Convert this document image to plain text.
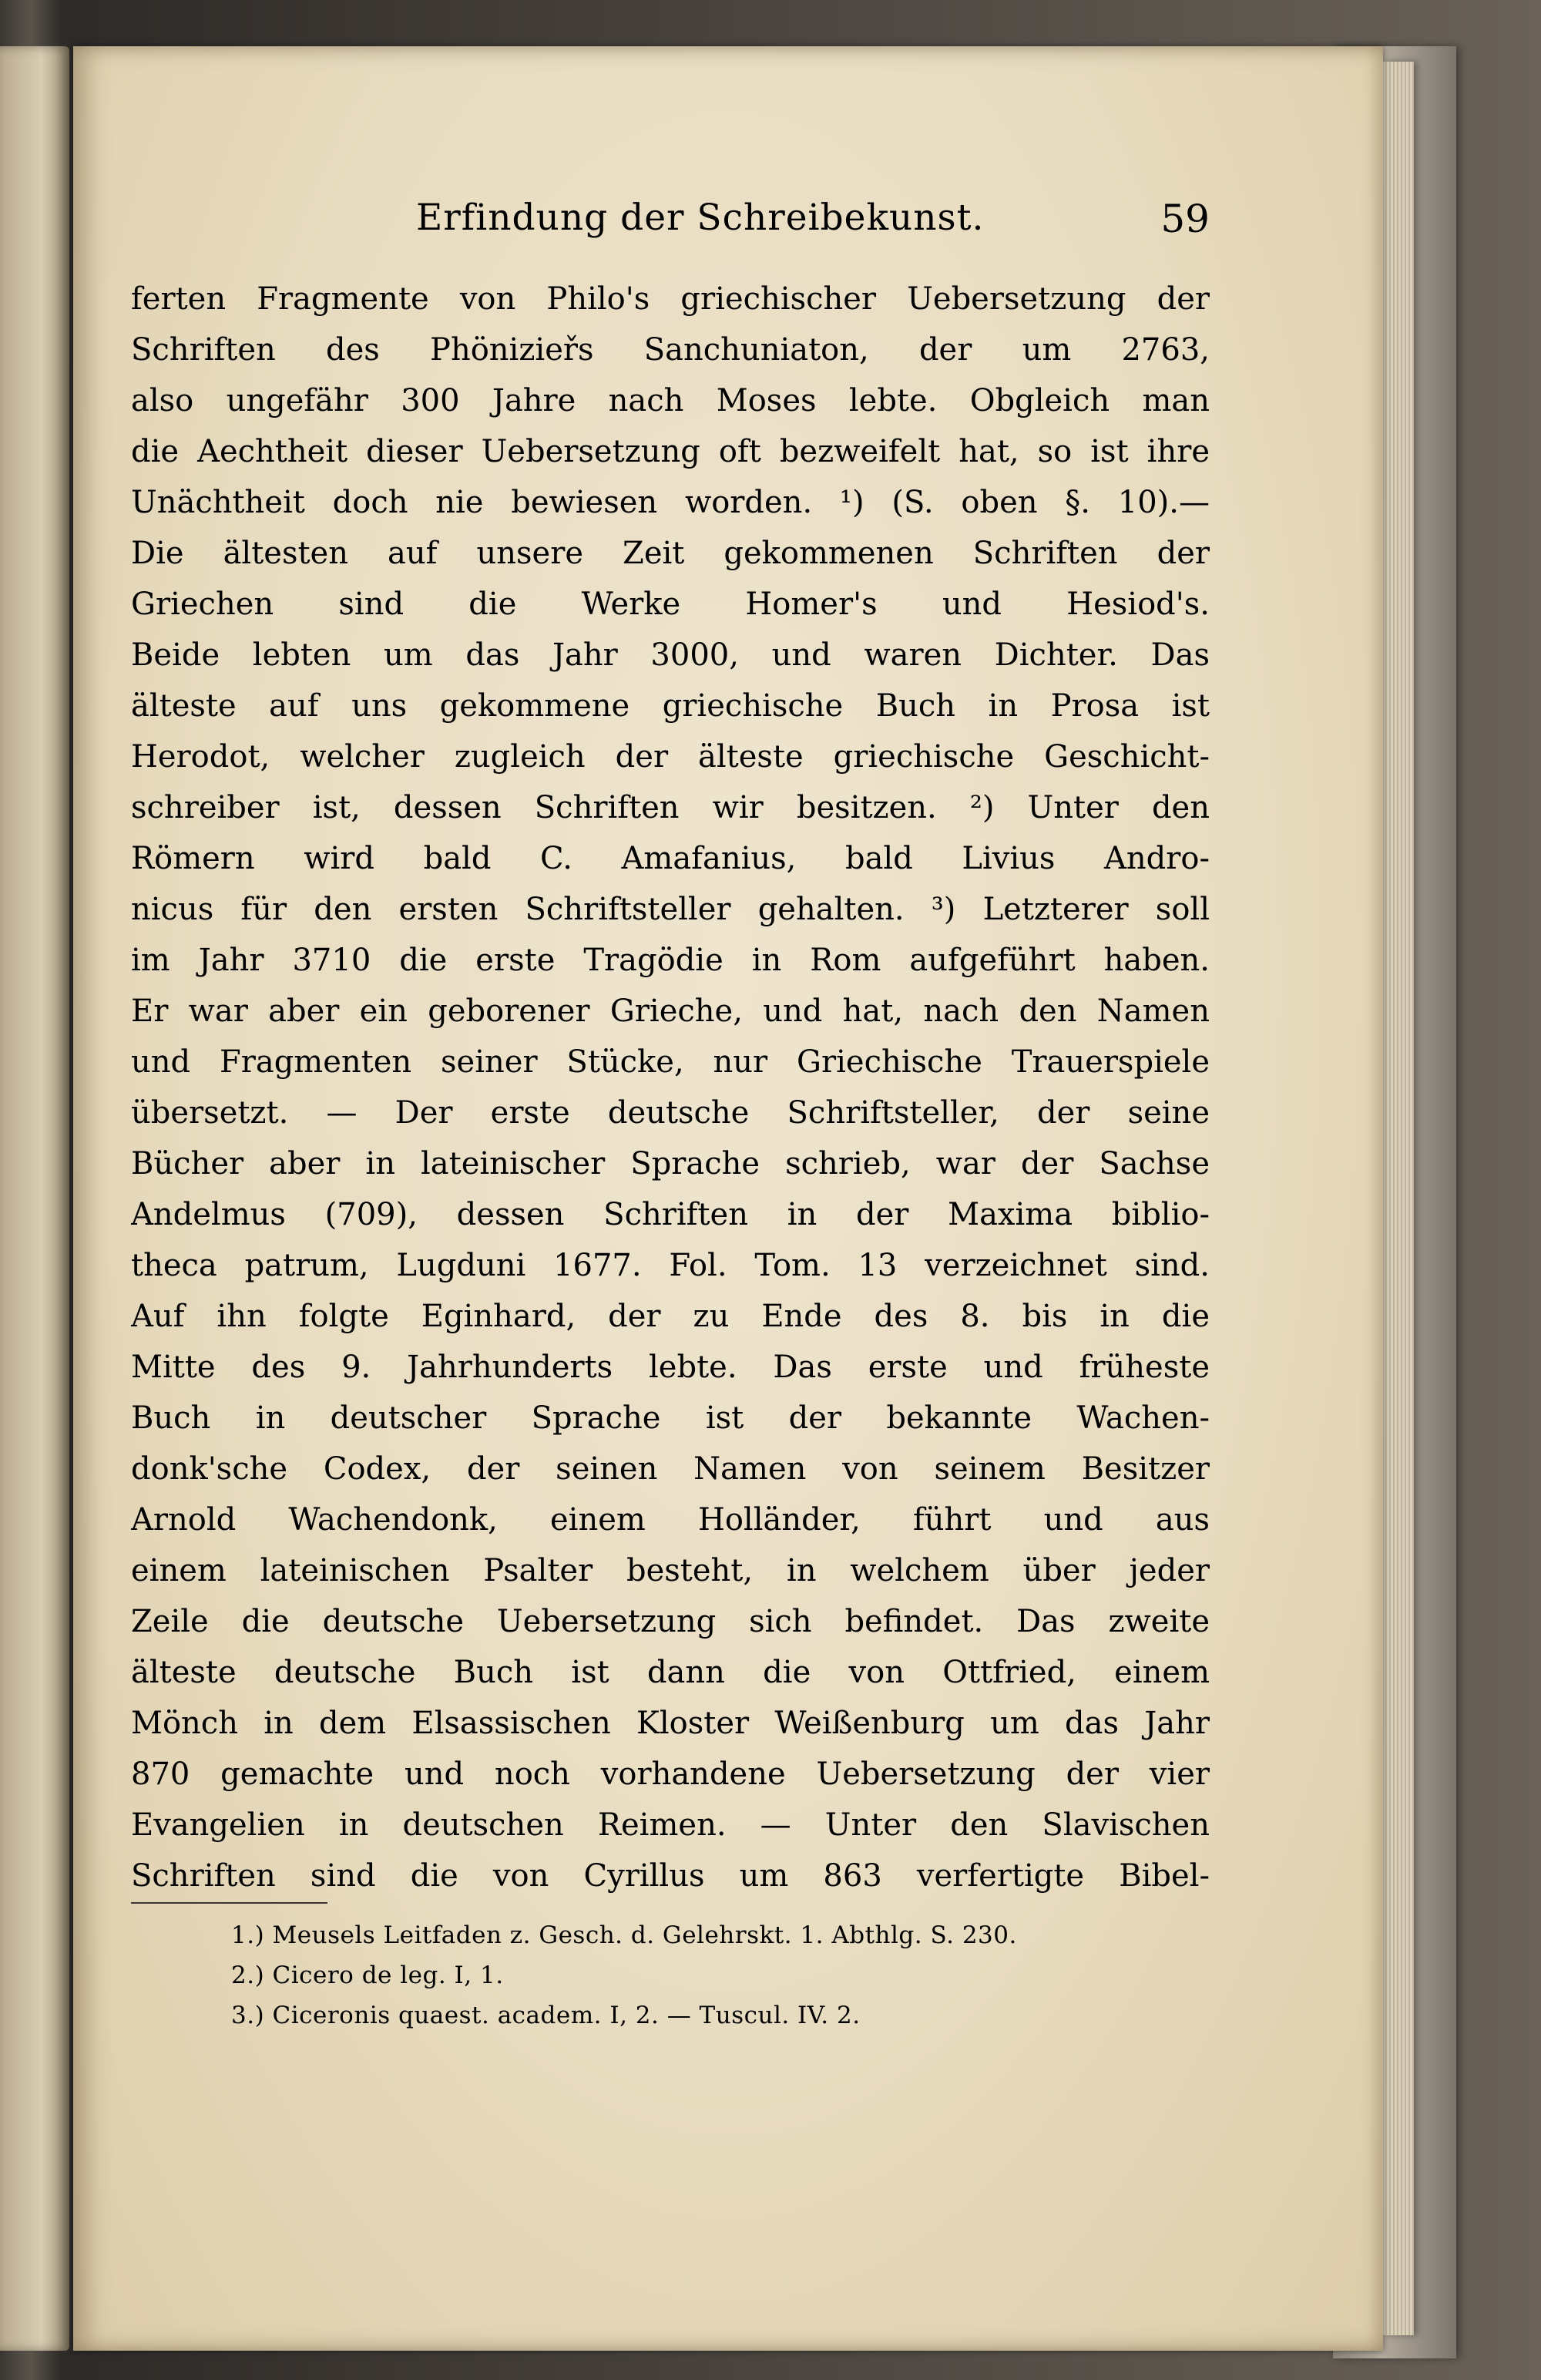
Erfindung der Schreibekunst.	59
ferten Fragmente von Philo's griechischer Uebersetzung der
Schriften des Phönizieřs Sanchuniaton, der um 2763,
also ungefähr 300 Jahre nach Moses lebte. Obgleich man
die Aechtheit dieser Uebersetzung oft bezweifelt hat, so ist ihre
Unächtheit doch nie bewiesen worden. ¹) (S. oben §. 10).—
Die ältesten auf unsere Zeit gekommenen Schriften der
Griechen sind die Werke Homer's und Hesiod's.
Beide lebten um das Jahr 3000, und waren Dichter. Das
älteste auf uns gekommene griechische Buch in Prosa ist
Herodot, welcher zugleich der älteste griechische Geschicht-
schreiber ist, dessen Schriften wir besitzen. ²) Unter den
Römern wird bald C. Amafanius, bald Livius Andro-
nicus für den ersten Schriftsteller gehalten. ³) Letzterer soll
im Jahr 3710 die erste Tragödie in Rom aufgeführt haben.
Er war aber ein geborener Grieche, und hat, nach den Namen
und Fragmenten seiner Stücke, nur Griechische Trauerspiele
übersetzt. — Der erste deutsche Schriftsteller, der seine
Bücher aber in lateinischer Sprache schrieb, war der Sachse
Andelmus (709), dessen Schriften in der Maxima biblio-
theca patrum, Lugduni 1677. Fol. Tom. 13 verzeichnet sind.
Auf ihn folgte Eginhard, der zu Ende des 8. bis in die
Mitte des 9. Jahrhunderts lebte. Das erste und früheste
Buch in deutscher Sprache ist der bekannte Wachen-
donk'sche Codex, der seinen Namen von seinem Besitzer
Arnold Wachendonk, einem Holländer, führt und aus
einem lateinischen Psalter besteht, in welchem über jeder
Zeile die deutsche Uebersetzung sich befindet. Das zweite
älteste deutsche Buch ist dann die von Ottfried, einem
Mönch in dem Elsassischen Kloster Weißenburg um das Jahr
870 gemachte und noch vorhandene Uebersetzung der vier
Evangelien in deutschen Reimen. — Unter den Slavischen
Schriften sind die von Cyrillus um 863 verfertigte Bibel-
1.) Meusels Leitfaden z. Gesch. d. Gelehrskt. 1. Abthlg. S. 230.
2.) Cicero de leg. I, 1.
3.) Ciceronis quaest. academ. I, 2. — Tuscul. IV. 2.
